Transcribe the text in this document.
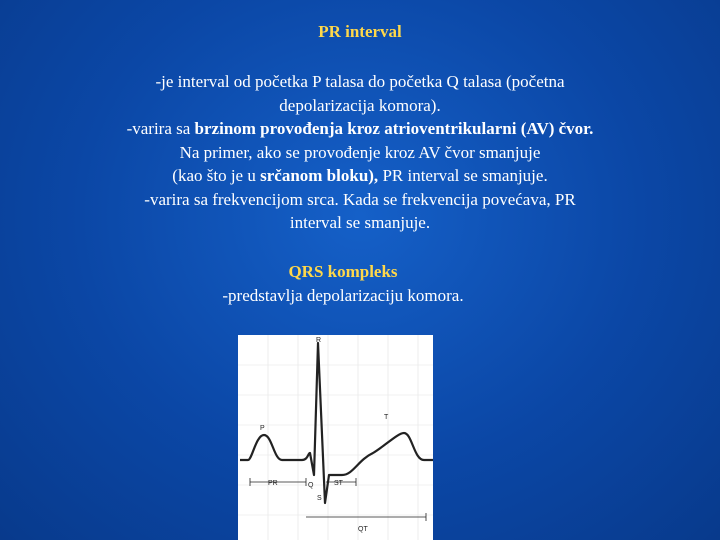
PR interval
-je interval od početka P talasa do početka Q talasa (početna
depolarizacija komora).
-varira sa brzinom provođenja kroz atrioventrikularni (AV) čvor.
Na primer, ako se provođenje kroz AV čvor smanjuje
(kao što je u srčanom bloku), PR interval se smanjuje.
-varira sa frekvencijom srca. Kada se frekvencija povećava, PR
interval se smanjuje.
QRS kompleks
-predstavlja depolarizaciju komora.
R
P
T
Q
S
PR	ST
QT
